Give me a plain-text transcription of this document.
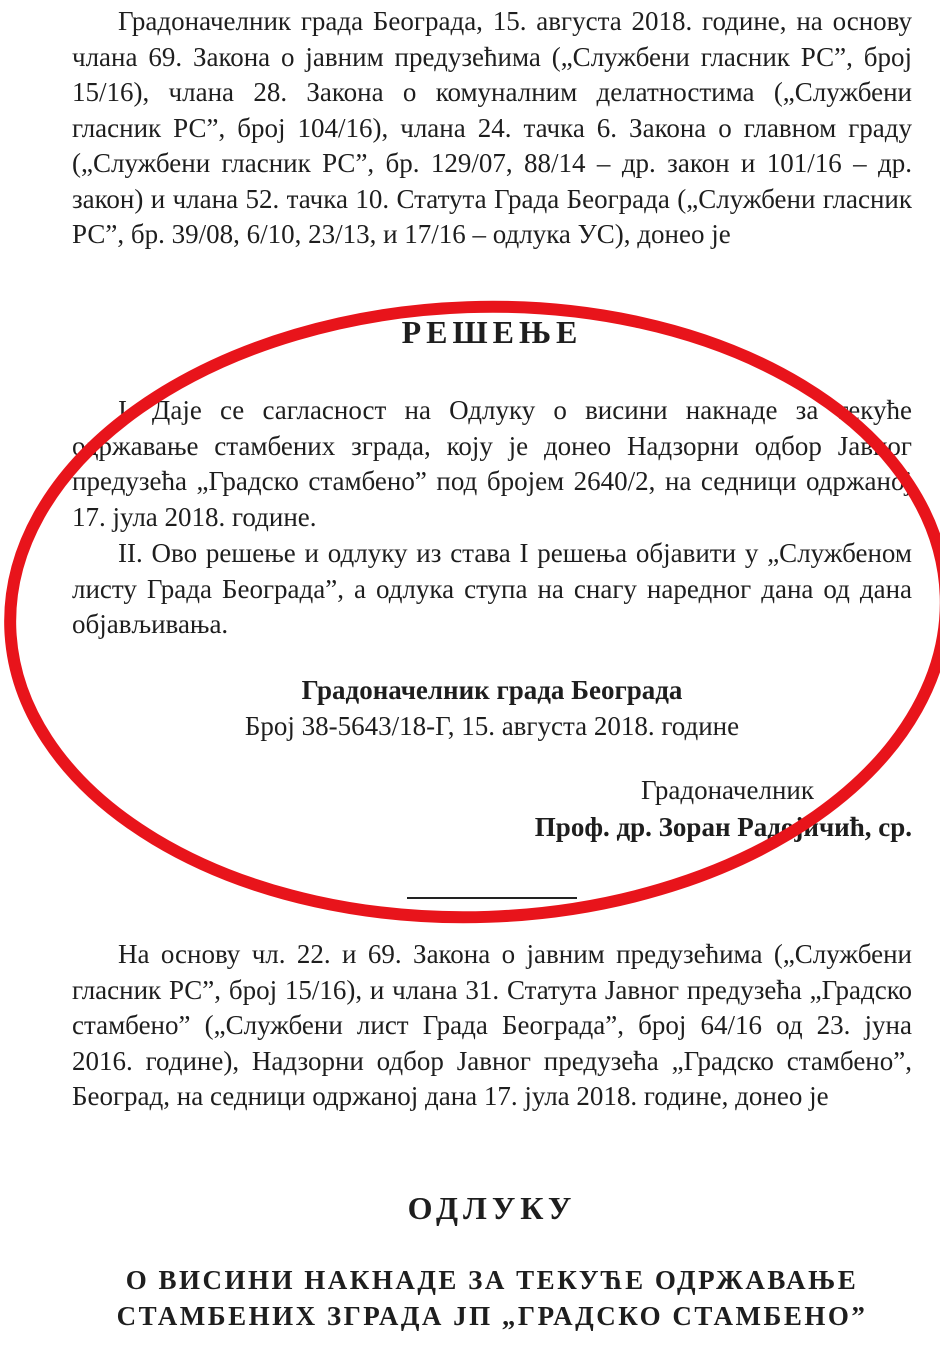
Градоначелник града Београда, 15. августа 2018. године, на основу члана 69. Закона о јавним предузећима („Службени гласник РС”, број 15/16), члана 28. Закона о комуналним делатностима („Службени гласник РС”, број 104/16), члана 24. тачка 6. Закона о главном граду („Службени гласник РС”, бр. 129/07, 88/14 – др. закон и 101/16 – др. закон) и члана 52. тачка 10. Статута Града Београда („Службени гласник РС”, бр. 39/08, 6/10, 23/13, и 17/16 – одлука УС), донео је

РЕШЕЊЕ

I. Даје се сагласност на Одлуку о висини накнаде за текуће одржавање стамбених зграда, коју је донео Надзорни одбор Јавног предузећа „Градско стамбено” под бројем 2640/2, на седници одржаној 17. јула 2018. године.

II. Ово решење и одлуку из става I решења објавити у „Службеном листу Града Београда”, а одлука ступа на снагу наредног дана од дана објављивања.

Градоначелник града Београда

Број 38-5643/18-Г, 15. августа 2018. године

Градоначелник

Проф. др. Зоран Радојичић, ср.

На основу чл. 22. и 69. Закона о јавним предузећима („Службени гласник РС”, број 15/16), и члана 31. Статута Јавног предузећа „Градско стамбено” („Службени лист Града Београда”, број 64/16 од 23. јуна 2016. године), Надзорни одбор Јавног предузећа „Градско стамбено”, Београд, на седници одржаној дана 17. јула 2018. године, донео је

ОДЛУКУ
О ВИСИНИ НАКНАДЕ ЗА ТЕКУЋЕ ОДРЖАВАЊЕ
СТАМБЕНИХ ЗГРАДА ЈП „ГРАДСКО СТАМБЕНО”
